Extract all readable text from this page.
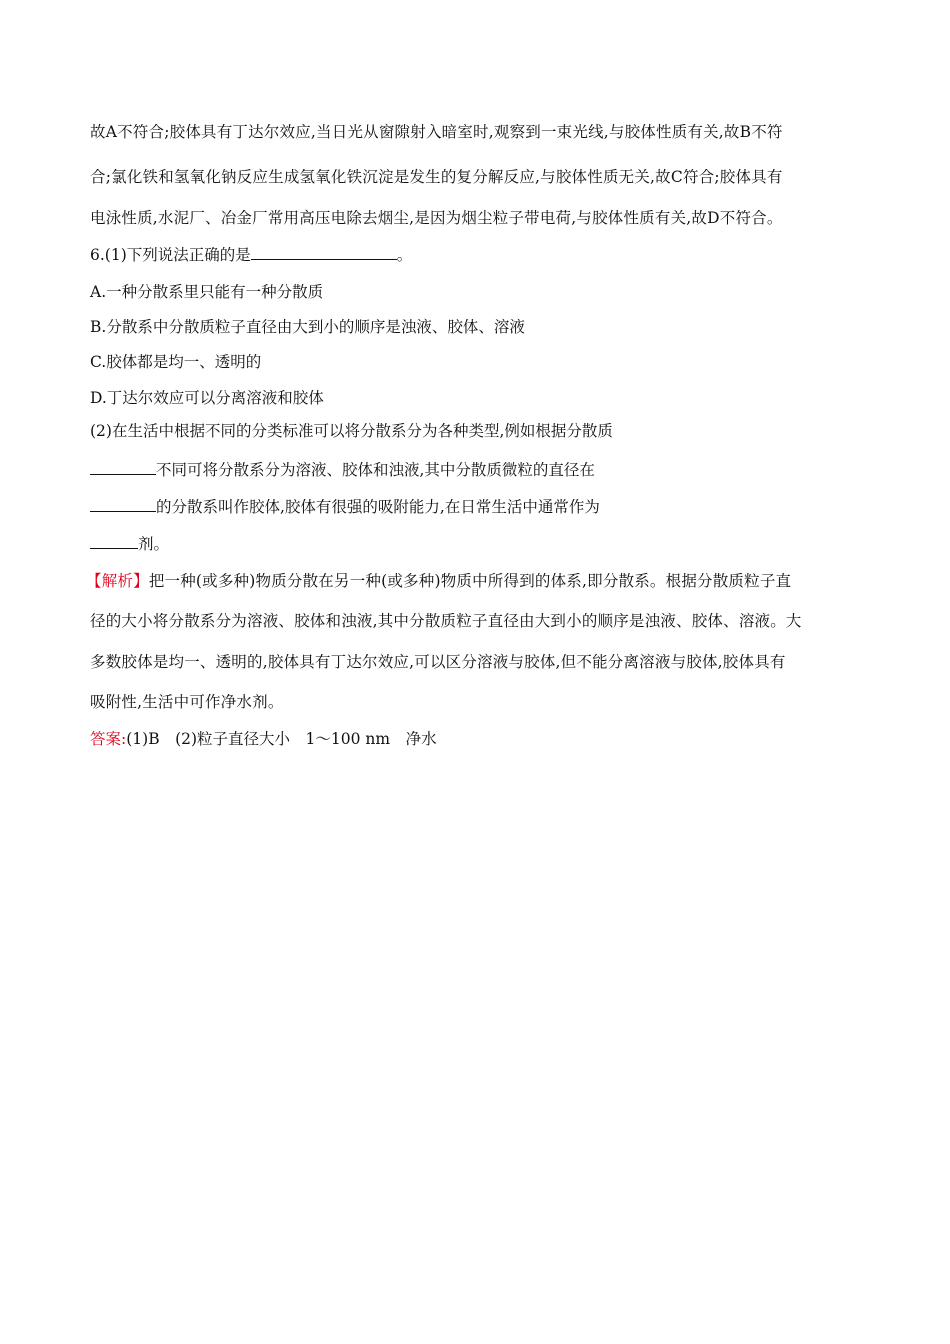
故A不符合;胶体具有丁达尔效应,当日光从窗隙射入暗室时,观察到一束光线,与胶体性质有关,故B不符
合;氯化铁和氢氧化钠反应生成氢氧化铁沉淀是发生的复分解反应,与胶体性质无关,故C符合;胶体具有
电泳性质,水泥厂、冶金厂常用高压电除去烟尘,是因为烟尘粒子带电荷,与胶体性质有关,故D不符合。
6.(1)下列说法正确的是	。
A.一种分散系里只能有一种分散质
B.分散系中分散质粒子直径由大到小的顺序是浊液、胶体、溶液
C.胶体都是均一、透明的
D.丁达尔效应可以分离溶液和胶体
(2)在生活中根据不同的分类标准可以将分散系分为各种类型,例如根据分散质
不同可将分散系分为溶液、胶体和浊液,其中分散质微粒的直径在
的分散系叫作胶体,胶体有很强的吸附能力,在日常生活中通常作为
剂。
【解析】把一种(或多种)物质分散在另一种(或多种)物质中所得到的体系,即分散系。根据分散质粒子直
径的大小将分散系分为溶液、胶体和浊液,其中分散质粒子直径由大到小的顺序是浊液、胶体、溶液。大
多数胶体是均一、透明的,胶体具有丁达尔效应,可以区分溶液与胶体,但不能分离溶液与胶体,胶体具有
吸附性,生活中可作净水剂。
答案:(1)B　(2)粒子直径大小　1～100 nm　净水
